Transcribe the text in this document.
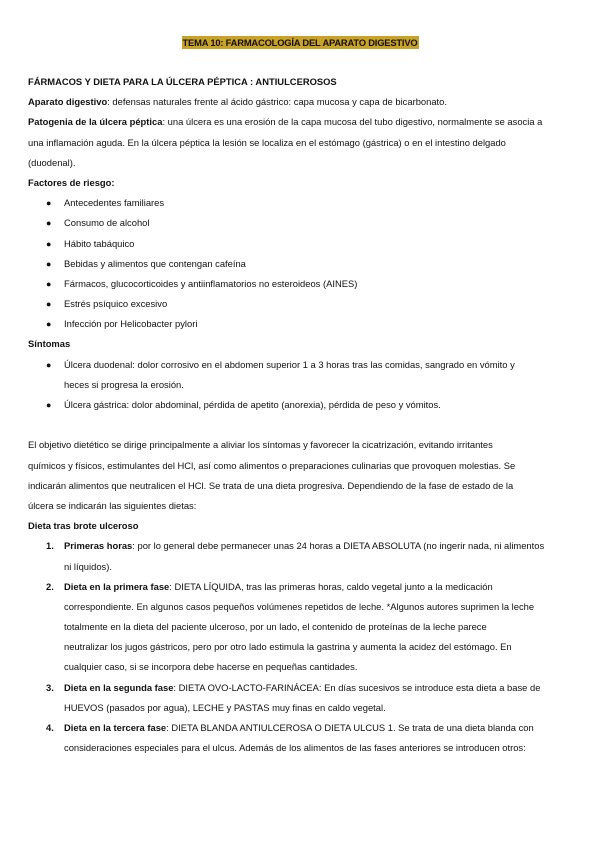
TEMA 10: FARMACOLOGÍA DEL APARATO DIGESTIVO
FÁRMACOS Y DIETA PARA LA ÚLCERA PÉPTICA : ANTIULCEROSOS
Aparato digestivo: defensas naturales frente al ácido gástrico: capa mucosa y capa de bicarbonato.
Patogenia de la úlcera péptica: una úlcera es una erosión de la capa mucosa del tubo digestivo, normalmente se asocia a
una inflamación aguda. En la úlcera péptica la lesión se localiza en el estómago (gástrica) o en el intestino delgado
(duodenal).
Factores de riesgo:
● Antecedentes familiares
● Consumo de alcohol
● Hábito tabáquico
● Bebidas y alimentos que contengan cafeína
● Fármacos, glucocorticoides y antiinflamatorios no esteroideos (AINES)
● Estrés psíquico excesivo
● Infección por Helicobacter pylori
Síntomas
● Úlcera duodenal: dolor corrosivo en el abdomen superior 1 a 3 horas tras las comidas, sangrado en vómito y
heces si progresa la erosión.
● Úlcera gástrica: dolor abdominal, pérdida de apetito (anorexia), pérdida de peso y vómitos.
El objetivo dietético se dirige principalmente a aliviar los síntomas y favorecer la cicatrización, evitando irritantes
químicos y físicos, estimulantes del HCl, así como alimentos o preparaciones culinarias que provoquen molestias. Se
indicarán alimentos que neutralicen el HCl. Se trata de una dieta progresiva. Dependiendo de la fase de estado de la
úlcera se indicarán las siguientes dietas:
Dieta tras brote ulceroso
1. Primeras horas: por lo general debe permanecer unas 24 horas a DIETA ABSOLUTA (no ingerir nada, ni alimentos
ni líquidos).
2. Dieta en la primera fase: DIETA LÍQUIDA, tras las primeras horas, caldo vegetal junto a la medicación
correspondiente. En algunos casos pequeños volúmenes repetidos de leche. *Algunos autores suprimen la leche
totalmente en la dieta del paciente ulceroso, por un lado, el contenido de proteínas de la leche parece
neutralizar los jugos gástricos, pero por otro lado estimula la gastrina y aumenta la acidez del estómago. En
cualquier caso, si se incorpora debe hacerse en pequeñas cantidades.
3. Dieta en la segunda fase: DIETA OVO-LACTO-FARINÁCEA: En días sucesivos se introduce esta dieta a base de
HUEVOS (pasados por agua), LECHE y PASTAS muy finas en caldo vegetal.
4. Dieta en la tercera fase: DIETA BLANDA ANTIULCEROSA O DIETA ULCUS 1. Se trata de una dieta blanda con
consideraciones especiales para el ulcus. Además de los alimentos de las fases anteriores se introducen otros:
